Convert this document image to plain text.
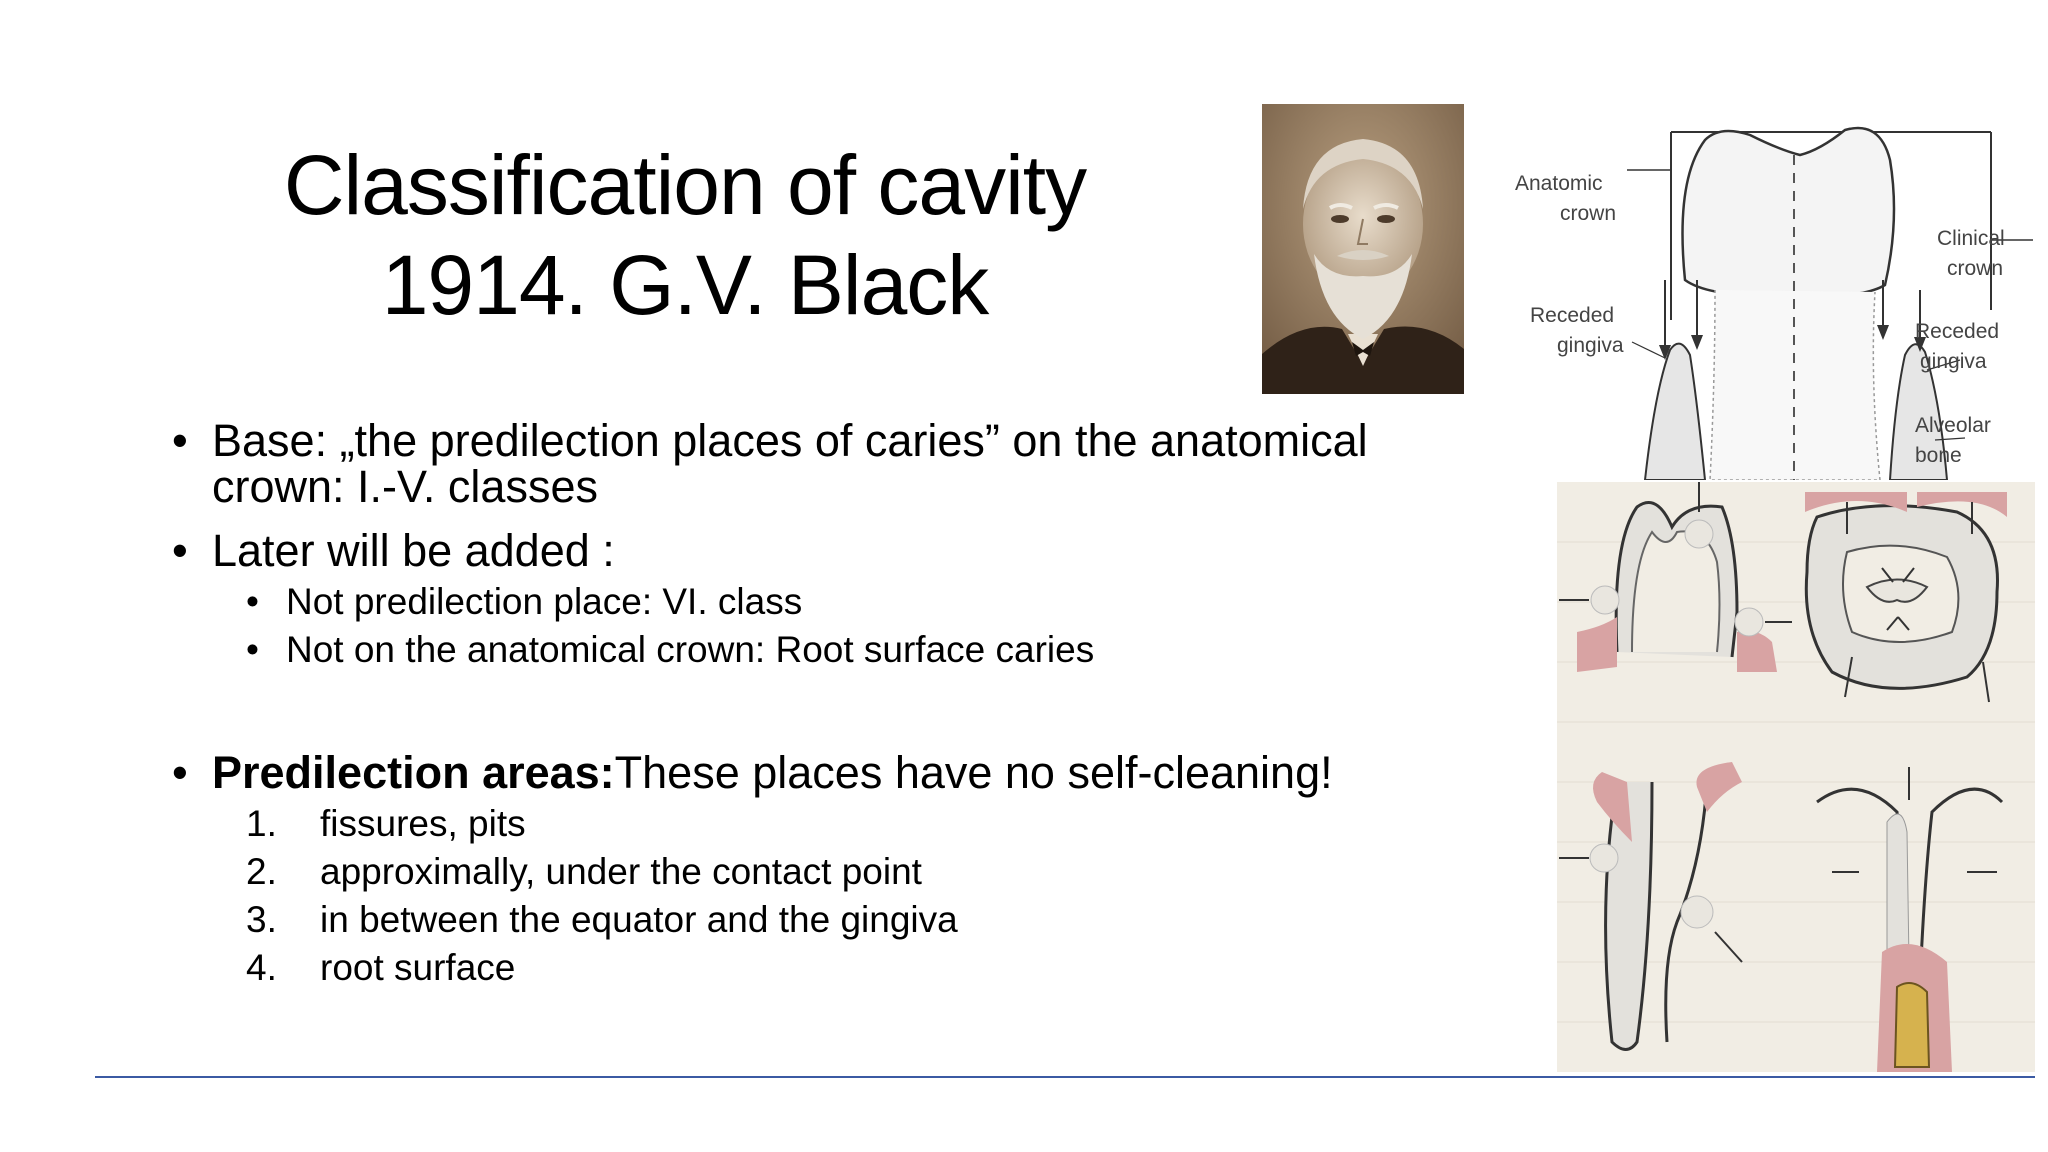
Classification of cavity
1914. G.V. Black
Anatomic
crown
Receded
gingiva
Clinical
crown
Receded
gingiva
Alveolar
bone
• Base: „the predilection places of caries” on the anatomical
crown: I.-V. classes
• Later will be added :
• Not predilection place: VI. class
• Not on the anatomical crown: Root surface caries
• Predilection areas:These places have no self-cleaning!
1. fissures, pits
2. approximally, under the contact point
3. in between the equator and the gingiva
4. root surface
